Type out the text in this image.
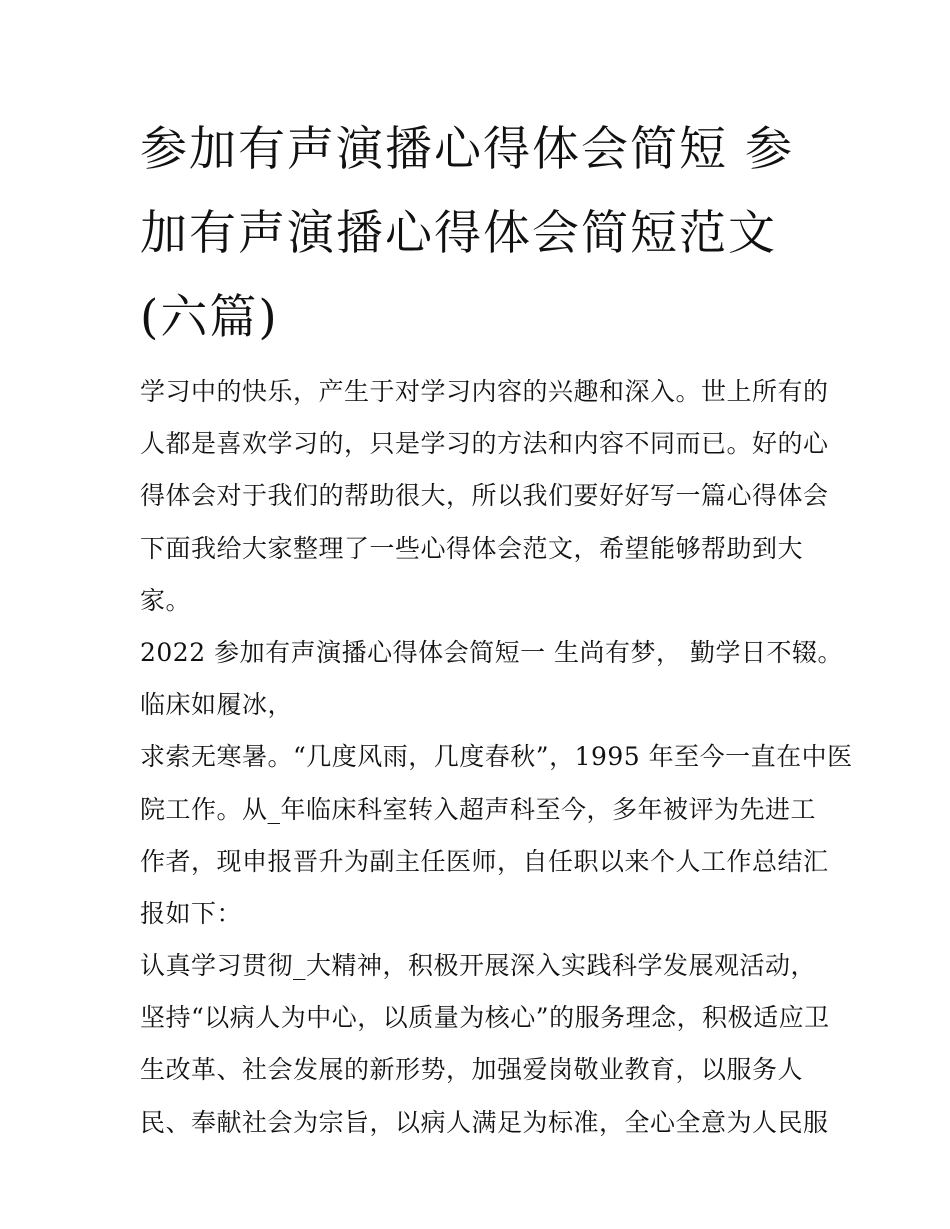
参加有声演播心得体会简短 参
加有声演播心得体会简短范文
(六篇)
学习中的快乐，产生于对学习内容的兴趣和深入。世上所有的
人都是喜欢学习的，只是学习的方法和内容不同而已。好的心
得体会对于我们的帮助很大，所以我们要好好写一篇心得体会
下面我给大家整理了一些心得体会范文，希望能够帮助到大
家。
2022 参加有声演播心得体会简短一 生尚有梦， 勤学日不辍。
临床如履冰，
求索无寒暑。“几度风雨，几度春秋”，1995 年至今一直在中医
院工作。从_年临床科室转入超声科至今，多年被评为先进工
作者，现申报晋升为副主任医师，自任职以来个人工作总结汇
报如下：
认真学习贯彻_大精神，积极开展深入实践科学发展观活动，
坚持“以病人为中心，以质量为核心”的服务理念，积极适应卫
生改革、社会发展的新形势，加强爱岗敬业教育，以服务人
民、奉献社会为宗旨，以病人满足为标准，全心全意为人民服
